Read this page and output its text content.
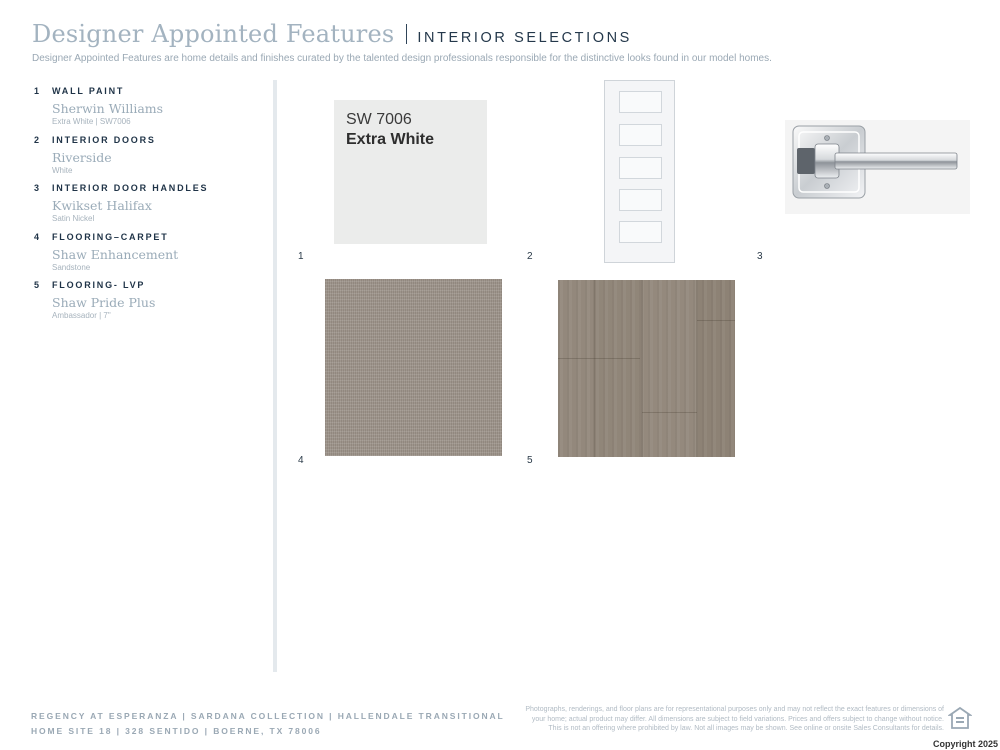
Designer Appointed Features INTERIOR SELECTIONS
Designer Appointed Features are home details and finishes curated by the talented design professionals responsible for the distinctive looks found in our model homes.
1	WALL PAINT
Sherwin Williams
Extra White | SW7006
2	INTERIOR DOORS
Riverside
White
3	INTERIOR DOOR HANDLES
Kwikset Halifax
Satin Nickel
4	FLOORING–CARPET
Shaw Enhancement
Sandstone
5	FLOORING- LVP
Shaw Pride Plus
Ambassador | 7"
SW 7006
Extra White
1	2	3
4	5
REGENCY AT ESPERANZA | SARDANA COLLECTION | HALLENDALE TRANSITIONAL
HOME SITE 18 | 328 SENTIDO | BOERNE, TX 78006
Photographs, renderings, and floor plans are for representational purposes only and may not reflect the exact features or dimensions of
your home; actual product may differ. All dimensions are subject to field variations. Prices and offers subject to change without notice.
This is not an offering where prohibited by law. Not all images may be shown. See online or onsite Sales Consultants for details.
Copyright 2025
